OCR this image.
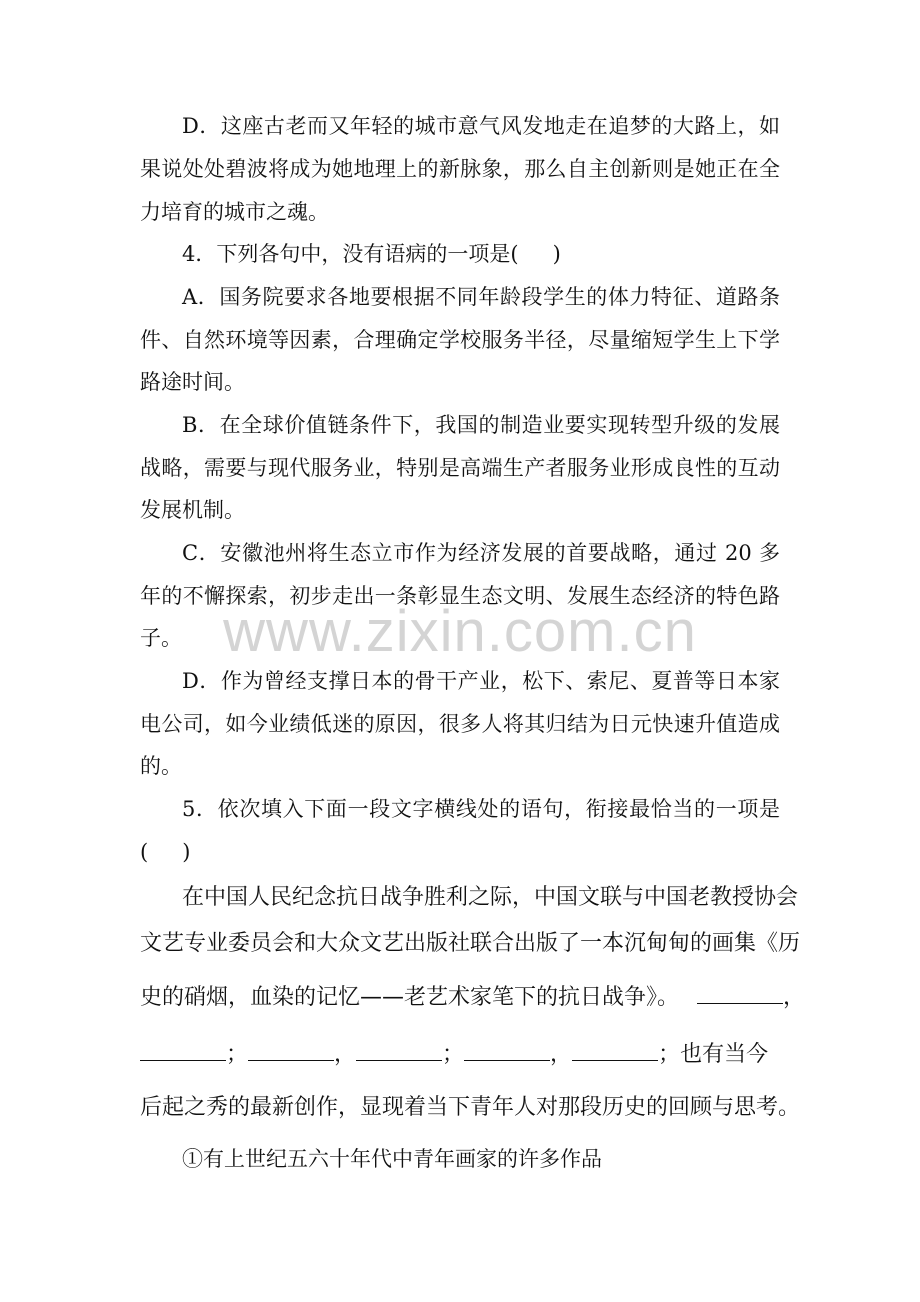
D．这座古老而又年轻的城市意气风发地走在追梦的大路上，如
果说处处碧波将成为她地理上的新脉象，那么自主创新则是她正在全
力培育的城市之魂。
4．下列各句中，没有语病的一项是( )
A．国务院要求各地要根据不同年龄段学生的体力特征、道路条
件、自然环境等因素，合理确定学校服务半径，尽量缩短学生上下学
路途时间。
B．在全球价值链条件下，我国的制造业要实现转型升级的发展
战略，需要与现代服务业，特别是高端生产者服务业形成良性的互动
发展机制。
C．安徽池州将生态立市作为经济发展的首要战略，通过 20 多
年的不懈探索，初步走出一条彰显生态文明、发展生态经济的特色路
子。
D．作为曾经支撑日本的骨干产业，松下、索尼、夏普等日本家
电公司，如今业绩低迷的原因，很多人将其归结为日元快速升值造成
的。
5．依次填入下面一段文字横线处的语句，衔接最恰当的一项是
( )
在中国人民纪念抗日战争胜利之际，中国文联与中国老教授协会
文艺专业委员会和大众文艺出版社联合出版了一本沉甸甸的画集《历
史的硝烟，血染的记忆——老艺术家笔下的抗日战争》。	，
；	，	；	，	；也有当今
后起之秀的最新创作，显现着当下青年人对那段历史的回顾与思考。
①有上世纪五六十年代中青年画家的许多作品
www.zixin.com.cn
